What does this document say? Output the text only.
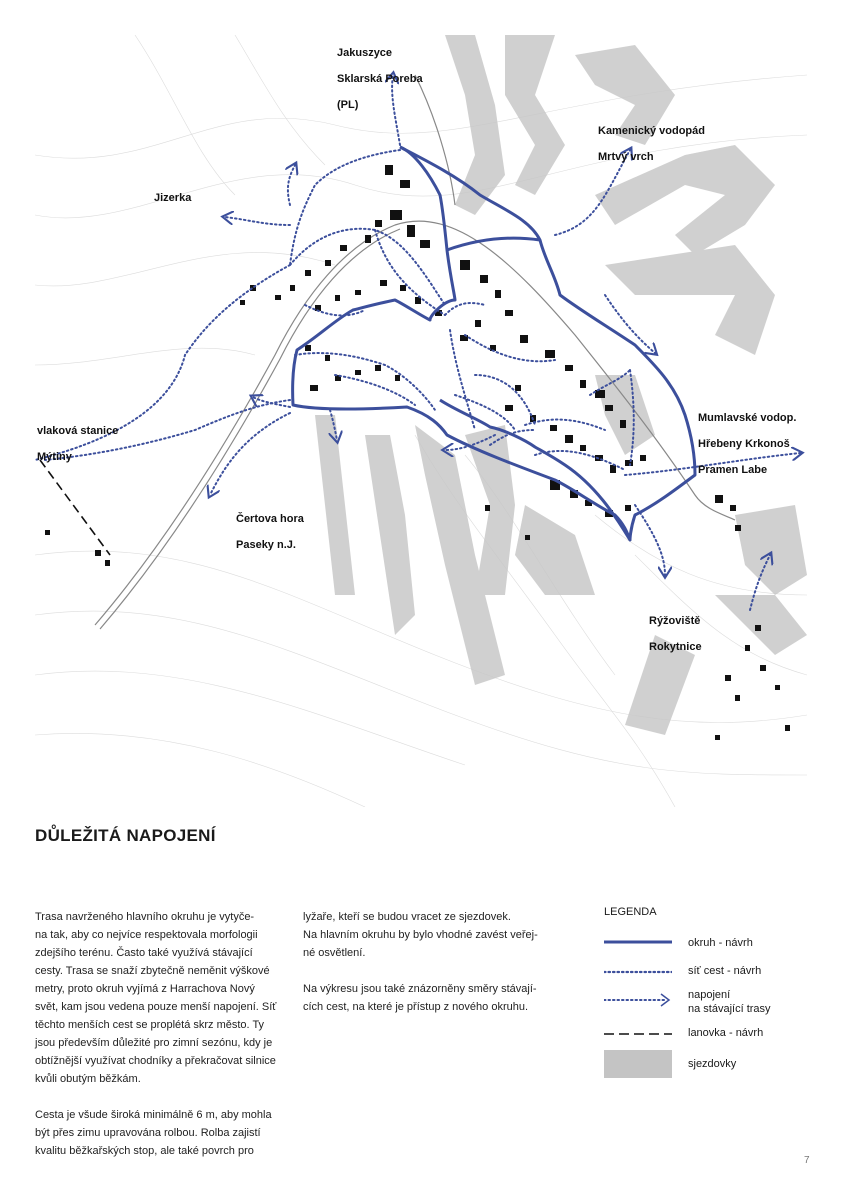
Jakuszyce

Sklarská Poreba

(PL)

Kamenický vodopád

Mrtvý vrch

Jizerka

vlaková stanice

Mýtiny

Mumlavské vodop.

Hřebeny Krkonoš

Pramen Labe

Čertova hora

Paseky n.J.

Rýžoviště

Rokytnice

DŮLEŽITÁ NAPOJENÍ

Trasa navrženého hlavního okruhu je vytyče-
na tak, aby co nejvíce respektovala morfologii
zdejšího terénu. Často také využívá stávající
cesty. Trasa se snaží zbytečně neměnit výškové
metry, proto okruh vyjímá z Harrachova Nový
svět, kam jsou vedena pouze menší napojení. Síť
těchto menších cest se proplétá skrz město. Ty
jsou především důležité pro zimní sezónu, kdy je
obtížnější využívat chodníky a překračovat silnice
kvůli obutým běžkám.

Cesta je všude široká minimálně 6 m, aby mohla
být přes zimu upravována rolbou. Rolba zajistí
kvalitu běžkařských stop, ale také povrch pro

lyžaře, kteří se budou vracet ze sjezdovek.
Na hlavním okruhu by bylo vhodné zavést veřej-
né osvětlení.

Na výkresu jsou také znázorněny směry stávají-
cích cest, na které je přístup z nového okruhu.

LEGENDA
okruh - návrh
síť cest - návrh
napojení
na stávající trasy
lanovka - návrh
sjezdovky
7
